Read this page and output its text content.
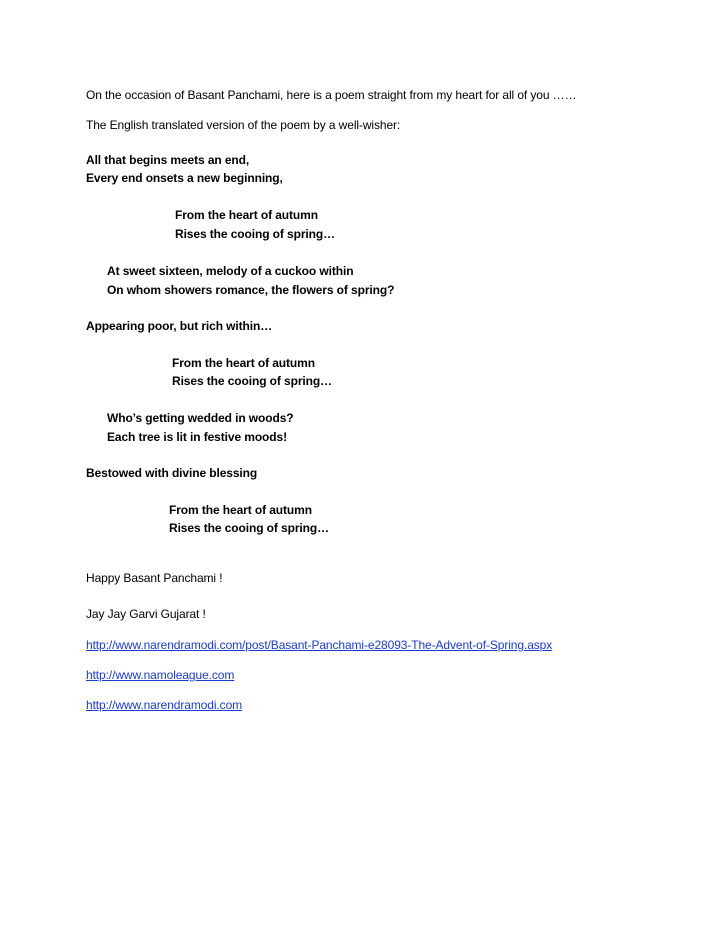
On the occasion of Basant Panchami, here is a poem straight from my heart for all of you ……
The English translated version of the poem by a well-wisher:
All that begins meets an end,
Every end onsets a new beginning,
From the heart of autumn
Rises the cooing of spring…
At sweet sixteen, melody of a cuckoo within
On whom showers romance, the flowers of spring?
Appearing poor, but rich within…
From the heart of autumn
Rises the cooing of spring…
Who’s getting wedded in woods?
Each tree is lit in festive moods!
Bestowed with divine blessing
From the heart of autumn
Rises the cooing of spring…
Happy Basant Panchami !
Jay Jay Garvi Gujarat !
http://www.narendramodi.com/post/Basant-Panchami-e28093-The-Advent-of-Spring.aspx
http://www.namoleague.com
http://www.narendramodi.com
